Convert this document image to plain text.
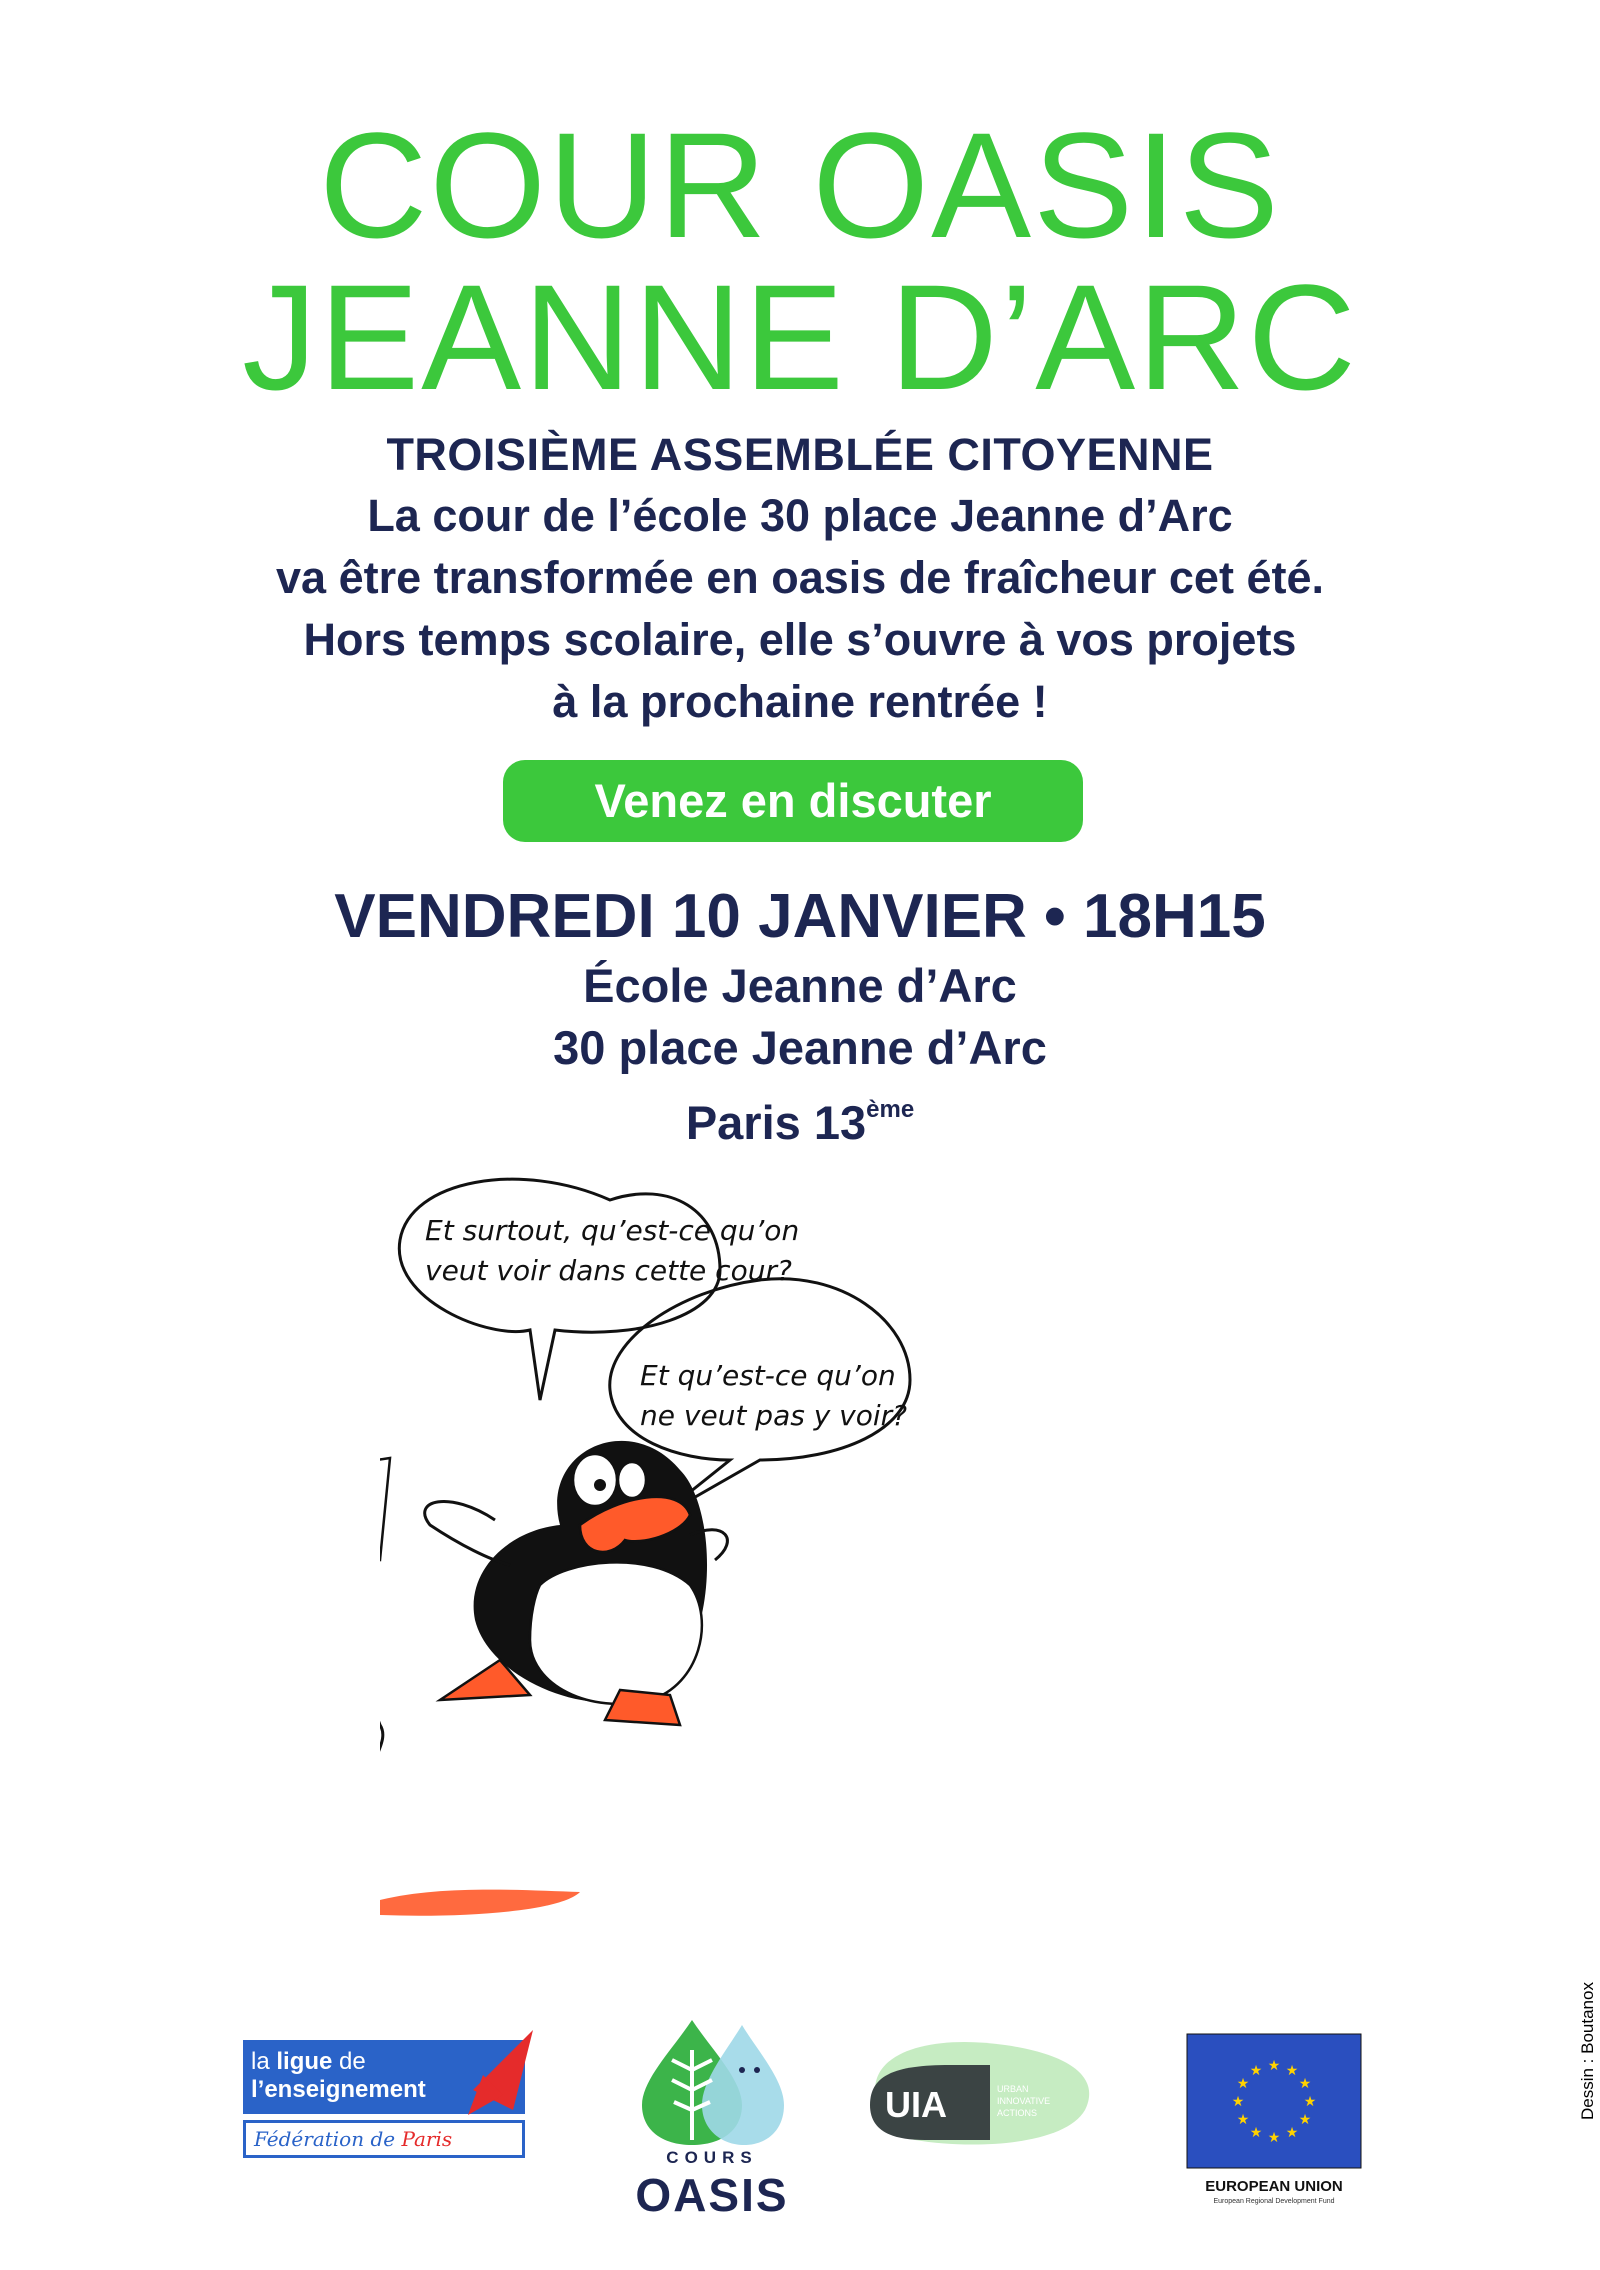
COUR OASIS
JEANNE D’ARC
TROISIÈME ASSEMBLÉE CITOYENNE
La cour de l’école 30 place Jeanne d’Arc
va être transformée en oasis de fraîcheur cet été.
Hors temps scolaire, elle s’ouvre à vos projets
à la prochaine rentrée !
Venez en discuter
VENDREDI 10 JANVIER • 18H15
École Jeanne d’Arc
30 place Jeanne d’Arc
Paris 13ème
Et surtout, qu’est-ce qu’on veut voir dans cette cour?
Et qu’est-ce qu’on ne veut pas y voir?
la ligue de
l’enseignement
Fédération de Paris
COURS
OASIS
UIA	URBAN
INNOVATIVE
ACTIONS
★ ★
★
★
★
★
★
★
★
★
★
★
EUROPEAN UNION
European Regional Development Fund
Dessin : Boutanox
